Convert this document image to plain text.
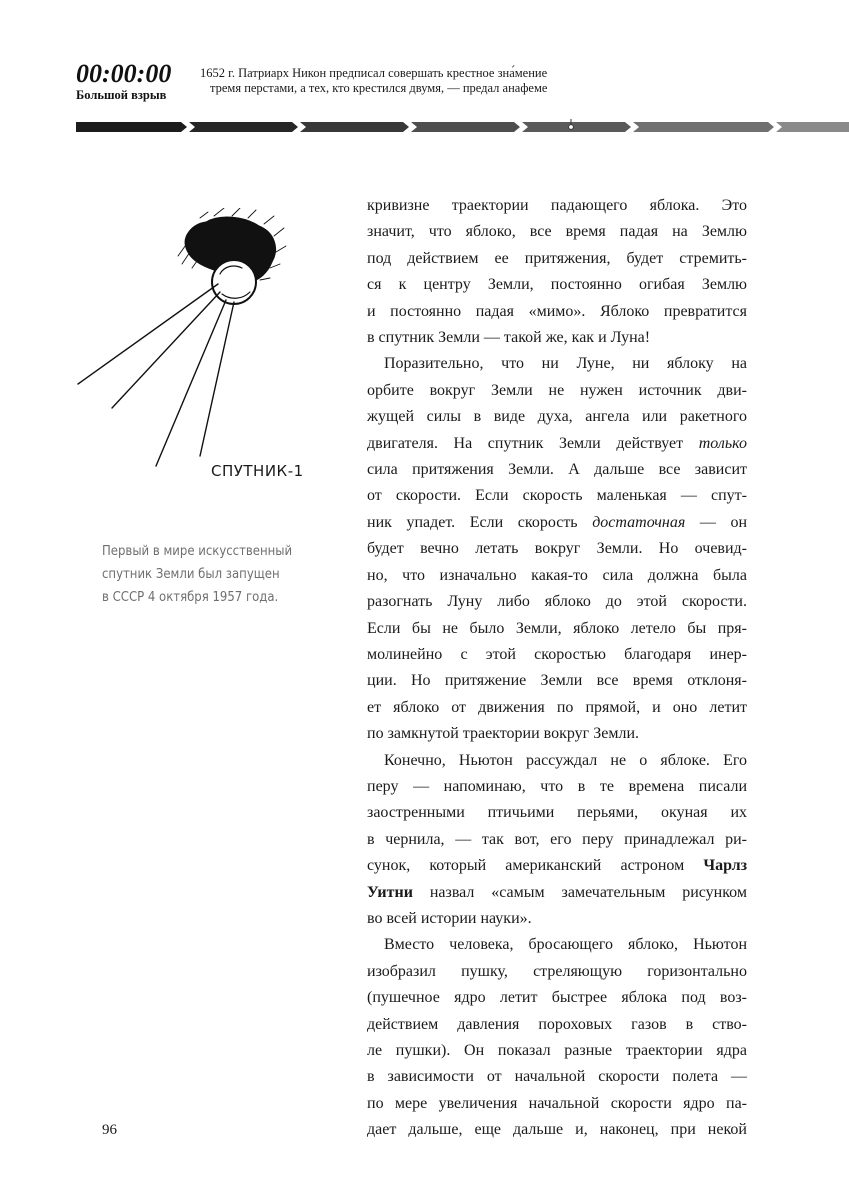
00:00:00
Большой взрыв
1652 г. Патриарх Никон предписал совершать крестное зна́мение
тремя перстами, а тех, кто крестился двумя, — предал анафеме
СПУТНИК-1
Первый в мире искусственный
спутник Земли был запущен
в СССР 4 октября 1957 года.
кривизне траектории падающего яблока. Это
значит, что яблоко, все время падая на Землю
под действием ее притяжения, будет стремить-
ся к центру Земли, постоянно огибая Землю
и постоянно падая «мимо». Яблоко превратится
в спутник Земли — такой же, как и Луна!
Поразительно, что ни Луне, ни яблоку на
орбите вокруг Земли не нужен источник дви-
жущей силы в виде духа, ангела или ракетного
двигателя. На спутник Земли действует только
сила притяжения Земли. А дальше все зависит
от скорости. Если скорость маленькая — спут-
ник упадет. Если скорость достаточная — он
будет вечно летать вокруг Земли. Но очевид-
но, что изначально какая-то сила должна была
разогнать Луну либо яблоко до этой скорости.
Если бы не было Земли, яблоко летело бы пря-
молинейно с этой скоростью благодаря инер-
ции. Но притяжение Земли все время отклоня-
ет яблоко от движения по прямой, и оно летит
по замкнутой траектории вокруг Земли.
Конечно, Ньютон рассуждал не о яблоке. Его
перу — напоминаю, что в те времена писали
заостренными птичьими перьями, окуная их
в чернила, — так вот, его перу принадлежал ри-
сунок, который американский астроном Чарлз
Уитни назвал «самым замечательным рисунком
во всей истории науки».
Вместо человека, бросающего яблоко, Ньютон
изобразил пушку, стреляющую горизонтально
(пушечное ядро летит быстрее яблока под воз-
действием давления пороховых газов в ство-
ле пушки). Он показал разные траектории ядра
в зависимости от начальной скорости полета —
по мере увеличения начальной скорости ядро па-
дает дальше, еще дальше и, наконец, при некой
96
